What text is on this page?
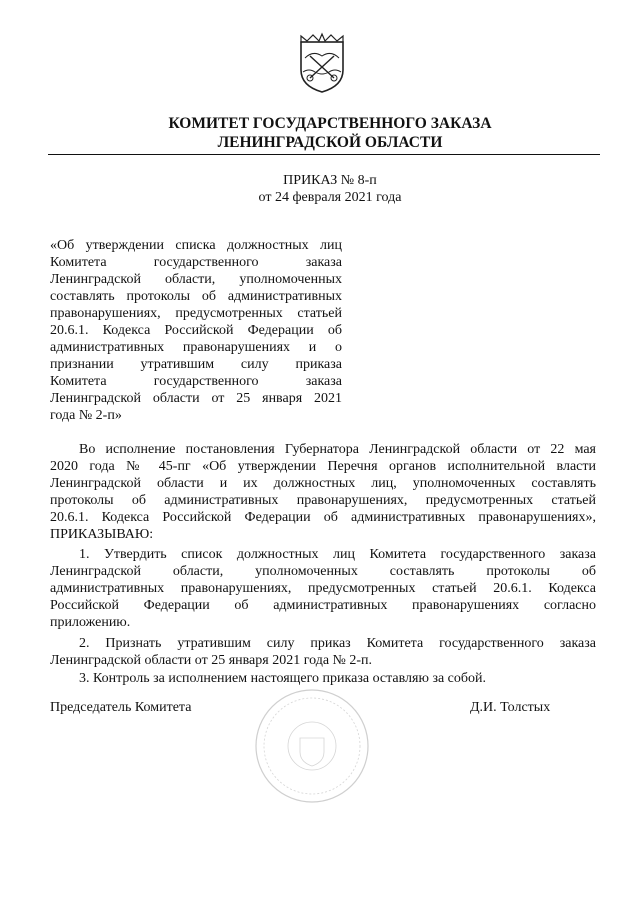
КОМИТЕТ ГОСУДАРСТВЕННОГО ЗАКАЗА
ЛЕНИНГРАДСКОЙ ОБЛАСТИ
ПРИКАЗ № 8-п
от 24 февраля 2021 года
«Об утверждении списка должностных лиц
Комитета государственного заказа
Ленинградской области, уполномоченных
составлять протоколы об административных
правонарушениях, предусмотренных статьей
20.6.1. Кодекса Российской Федерации об
административных правонарушениях и о
признании утратившим силу приказа
Комитета государственного заказа
Ленинградской области от 25 января 2021
года № 2-п»
Во исполнение постановления Губернатора Ленинградской области от 22 мая
2020 года № 45-пг «Об утверждении Перечня органов исполнительной власти
Ленинградской области и их должностных лиц, уполномоченных составлять
протоколы об административных правонарушениях, предусмотренных статьей
20.6.1. Кодекса Российской Федерации об административных правонарушениях»,
ПРИКАЗЫВАЮ:
1. Утвердить список должностных лиц Комитета государственного заказа
Ленинградской области, уполномоченных составлять протоколы об
административных правонарушениях, предусмотренных статьей 20.6.1. Кодекса
Российской Федерации об административных правонарушениях согласно
приложению.
2. Признать утратившим силу приказ Комитета государственного заказа
Ленинградской области от 25 января 2021 года № 2-п.
3. Контроль за исполнением настоящего приказа оставляю за собой.
Председатель Комитета	Д.И. Толстых
